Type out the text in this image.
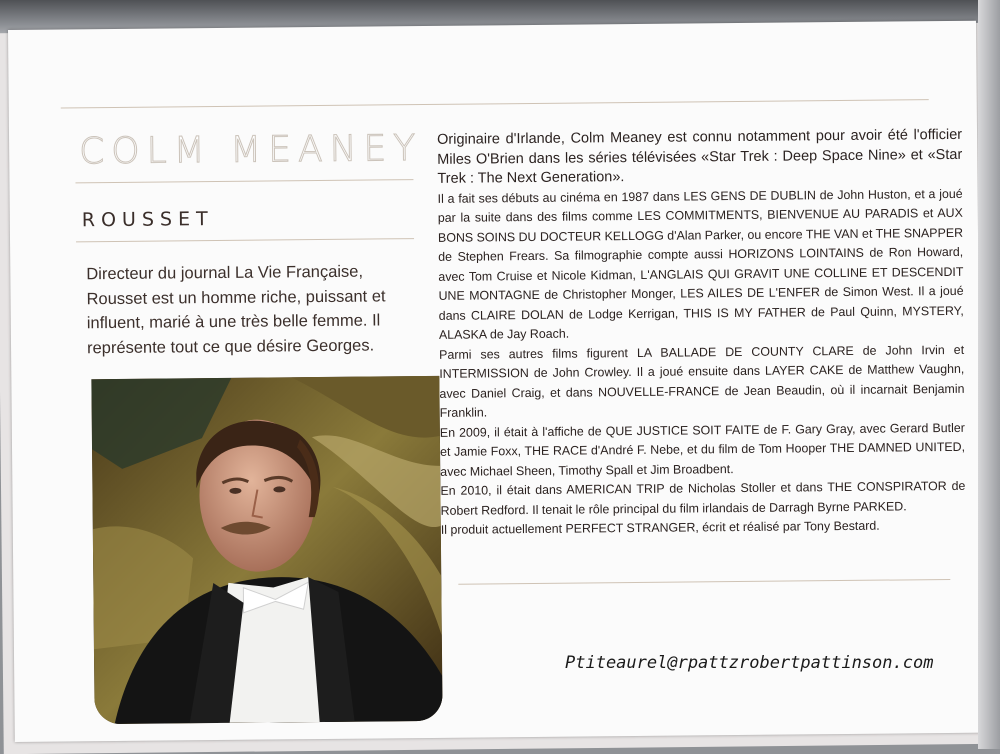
COLM MEANEY
ROUSSET
Directeur du journal La Vie Française, Rousset est un homme riche, puissant et influent, marié à une très belle femme. Il représente tout ce que désire Georges.

Originaire d'Irlande, Colm Meaney est connu notamment pour avoir été l'officier Miles O'Brien dans les séries télévisées «Star Trek : Deep Space Nine» et «Star Trek : The Next Generation».

Il a fait ses débuts au cinéma en 1987 dans LES GENS DE DUBLIN de John Huston, et a joué par la suite dans des films comme LES COMMITMENTS, BIENVENUE AU PARADIS et AUX BONS SOINS DU DOCTEUR KELLOGG d'Alan Parker, ou encore THE VAN et THE SNAPPER de Stephen Frears. Sa filmographie compte aussi HORIZONS LOINTAINS de Ron Howard, avec Tom Cruise et Nicole Kidman, L'ANGLAIS QUI GRAVIT UNE COLLINE ET DESCENDIT UNE MONTAGNE de Christopher Monger, LES AILES DE L'ENFER de Simon West. Il a joué dans CLAIRE DOLAN de Lodge Kerrigan, THIS IS MY FATHER de Paul Quinn, MYSTERY, ALASKA de Jay Roach.

Parmi ses autres films figurent LA BALLADE DE COUNTY CLARE de John Irvin et INTERMISSION de John Crowley. Il a joué ensuite dans LAYER CAKE de Matthew Vaughn, avec Daniel Craig, et dans NOUVELLE-FRANCE de Jean Beaudin, où il incarnait Benjamin Franklin.

En 2009, il était à l'affiche de QUE JUSTICE SOIT FAITE de F. Gary Gray, avec Gerard Butler et Jamie Foxx, THE RACE d'André F. Nebe, et du film de Tom Hooper THE DAMNED UNITED, avec Michael Sheen, Timothy Spall et Jim Broadbent.

En 2010, il était dans AMERICAN TRIP de Nicholas Stoller et dans THE CONSPIRATOR de Robert Redford. Il tenait le rôle principal du film irlandais de Darragh Byrne PARKED.

Il produit actuellement PERFECT STRANGER, écrit et réalisé par Tony Bestard.

Ptiteaurel@rpattzrobertpattinson.com
